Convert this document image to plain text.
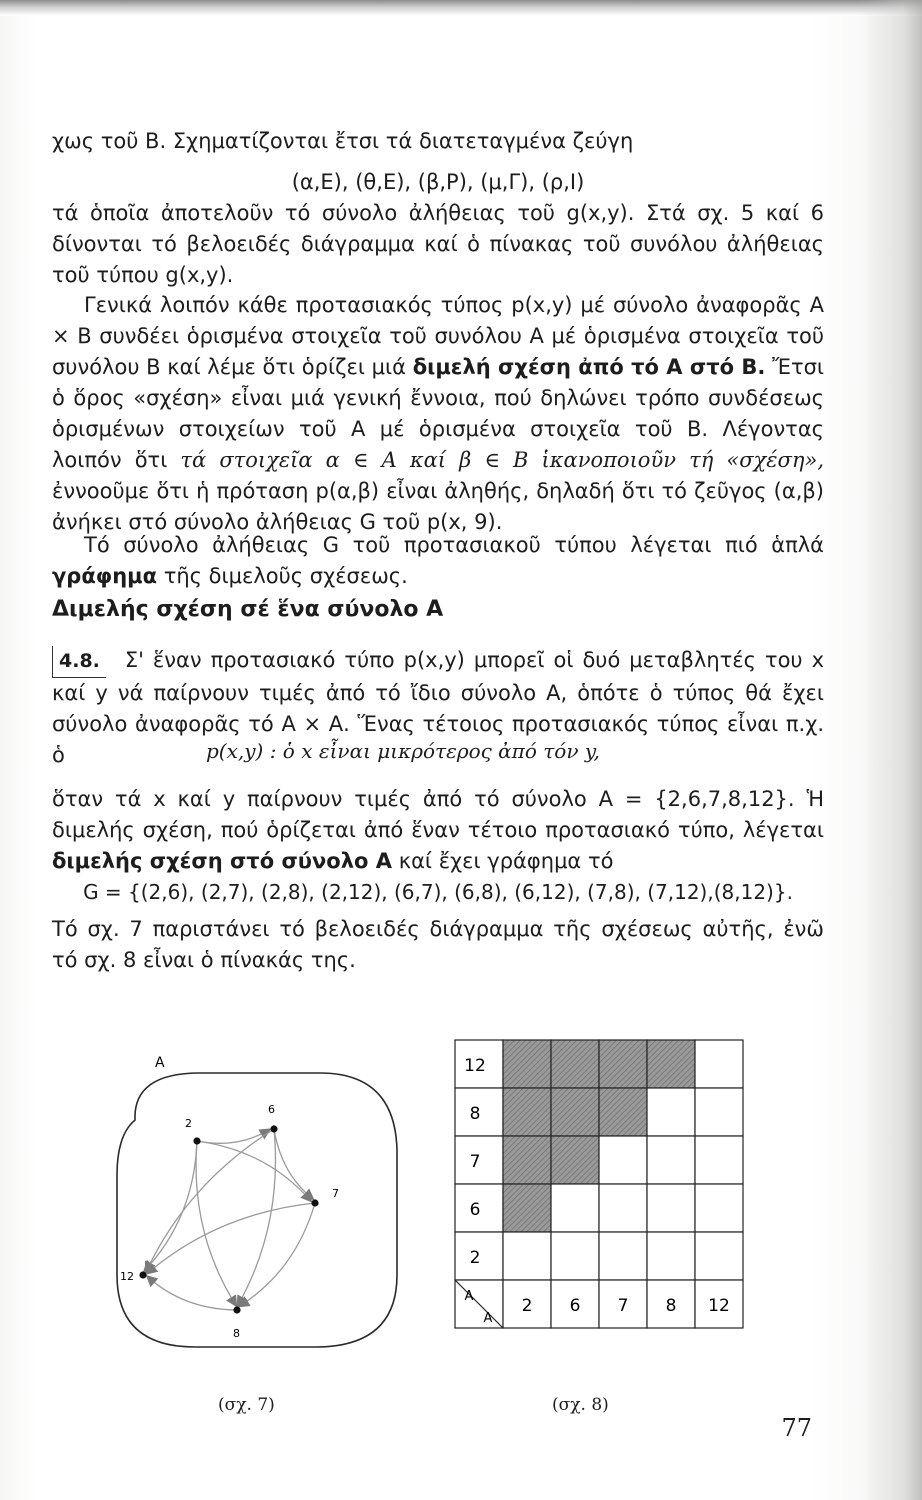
χως τοῦ Β. Σχηματίζονται ἔτσι τά διατεταγμένα ζεύγη

(α,Ε), (θ,Ε), (β,Ρ), (μ,Γ), (ρ,Ι)

τά ὁποῖα ἀποτελοῦν τό σύνολο ἀλήθειας τοῦ g(x,y). Στά σχ. 5 καί 6 δίνονται τό βελοειδές διάγραμμα καί ὁ πίνακας τοῦ συνόλου ἀλήθειας τοῦ τύπου g(x,y).

Γενικά λοιπόν κάθε προτασιακός τύπος p(x,y) μέ σύνολο ἀναφορᾶς Α × Β συνδέει ὁρισμένα στοιχεῖα τοῦ συνόλου Α μέ ὁρισμένα στοιχεῖα τοῦ συνόλου Β καί λέμε ὅτι ὁρίζει μιά διμελή σχέση ἀπό τό Α στό Β. Ἔτσι ὁ ὅρος «σχέση» εἶναι μιά γενική ἔννοια, πού δηλώνει τρόπο συνδέσεως ὁρισμένων στοιχείων τοῦ Α μέ ὁρισμένα στοιχεῖα τοῦ Β. Λέγοντας λοιπόν ὅτι τά στοιχεῖα α ∈ Α καί β ∈ Β ἱκανοποιοῦν τή «σχέση», ἐννοοῦμε ὅτι ἡ πρόταση p(α,β) εἶναι ἀληθής, δηλαδή ὅτι τό ζεῦγος (α,β) ἀνήκει στό σύνολο ἀλήθειας G τοῦ p(x, 9).

Τό σύνολο ἀλήθειας G τοῦ προτασιακοῦ τύπου λέγεται πιό ἁπλά γράφημα τῆς διμελοῦς σχέσεως.

Διμελής σχέση σέ ἕνα σύνολο Α

4.8. Σ' ἕναν προτασιακό τύπο p(x,y) μπορεῖ οἱ δυό μεταβλητές του x καί y νά παίρνουν τιμές ἀπό τό ἴδιο σύνολο Α, ὁπότε ὁ τύπος θά ἔχει σύνολο ἀναφορᾶς τό Α × Α. Ἕνας τέτοιος προτασιακός τύπος εἶναι π.χ. ὁ	p(x,y) : ὁ x εἶναι μικρότερος ἀπό τόν y,

ὅταν τά x καί y παίρνουν τιμές ἀπό τό σύνολο Α = {2,6,7,8,12}. Ἡ διμελής σχέση, πού ὁρίζεται ἀπό ἕναν τέτοιο προτασιακό τύπο, λέγεται διμελής σχέση στό σύνολο Α καί ἔχει γράφημα τό

G = {(2,6), (2,7), (2,8), (2,12), (6,7), (6,8), (6,12), (7,8), (7,12),(8,12)}.

Τό σχ. 7 παριστάνει τό βελοειδές διάγραμμα τῆς σχέσεως αὐτῆς, ἐνῶ τό σχ. 8 εἶναι ὁ πίνακάς της.

Α
2
6
7
8
12
12
8
7
6
2
Α
Α
2 6 7 8 12
(σχ. 7)	(σχ. 8)
77
